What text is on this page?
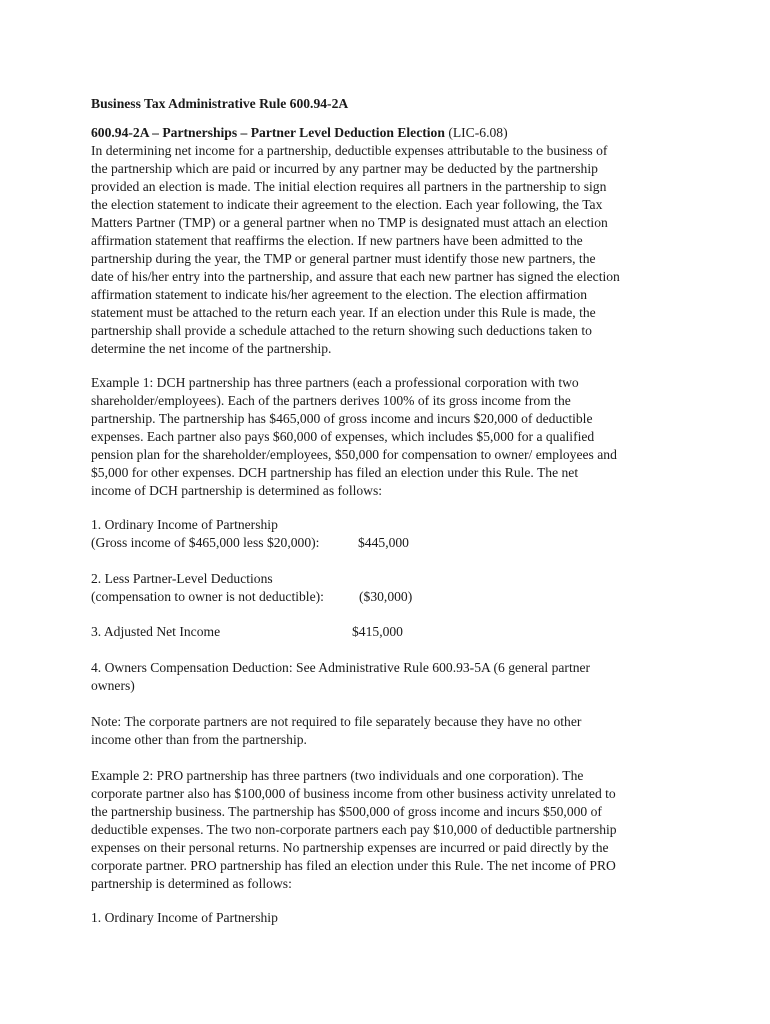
Business Tax Administrative Rule 600.94-2A

600.94-2A – Partnerships – Partner Level Deduction Election (LIC-6.08)

In determining net income for a partnership, deductible expenses attributable to the business of

the partnership which are paid or incurred by any partner may be deducted by the partnership

provided an election is made. The initial election requires all partners in the partnership to sign

the election statement to indicate their agreement to the election. Each year following, the Tax

Matters Partner (TMP) or a general partner when no TMP is designated must attach an election

affirmation statement that reaffirms the election. If new partners have been admitted to the

partnership during the year, the TMP or general partner must identify those new partners, the

date of his/her entry into the partnership, and assure that each new partner has signed the election

affirmation statement to indicate his/her agreement to the election. The election affirmation

statement must be attached to the return each year. If an election under this Rule is made, the

partnership shall provide a schedule attached to the return showing such deductions taken to

determine the net income of the partnership.

Example 1: DCH partnership has three partners (each a professional corporation with two

shareholder/employees). Each of the partners derives 100% of its gross income from the

partnership. The partnership has $465,000 of gross income and incurs $20,000 of deductible

expenses. Each partner also pays $60,000 of expenses, which includes $5,000 for a qualified

pension plan for the shareholder/employees, $50,000 for compensation to owner/ employees and

$5,000 for other expenses. DCH partnership has filed an election under this Rule. The net

income of DCH partnership is determined as follows:

1. Ordinary Income of Partnership
(Gross income of $465,000 less $20,000):	$445,000
2. Less Partner-Level Deductions
(compensation to owner is not deductible):	($30,000)
3. Adjusted Net Income	$415,000

4. Owners Compensation Deduction: See Administrative Rule 600.93-5A (6 general partner

owners)

Note: The corporate partners are not required to file separately because they have no other

income other than from the partnership.

Example 2: PRO partnership has three partners (two individuals and one corporation). The

corporate partner also has $100,000 of business income from other business activity unrelated to

the partnership business. The partnership has $500,000 of gross income and incurs $50,000 of

deductible expenses. The two non-corporate partners each pay $10,000 of deductible partnership

expenses on their personal returns. No partnership expenses are incurred or paid directly by the

corporate partner. PRO partnership has filed an election under this Rule. The net income of PRO

partnership is determined as follows:

1. Ordinary Income of Partnership
